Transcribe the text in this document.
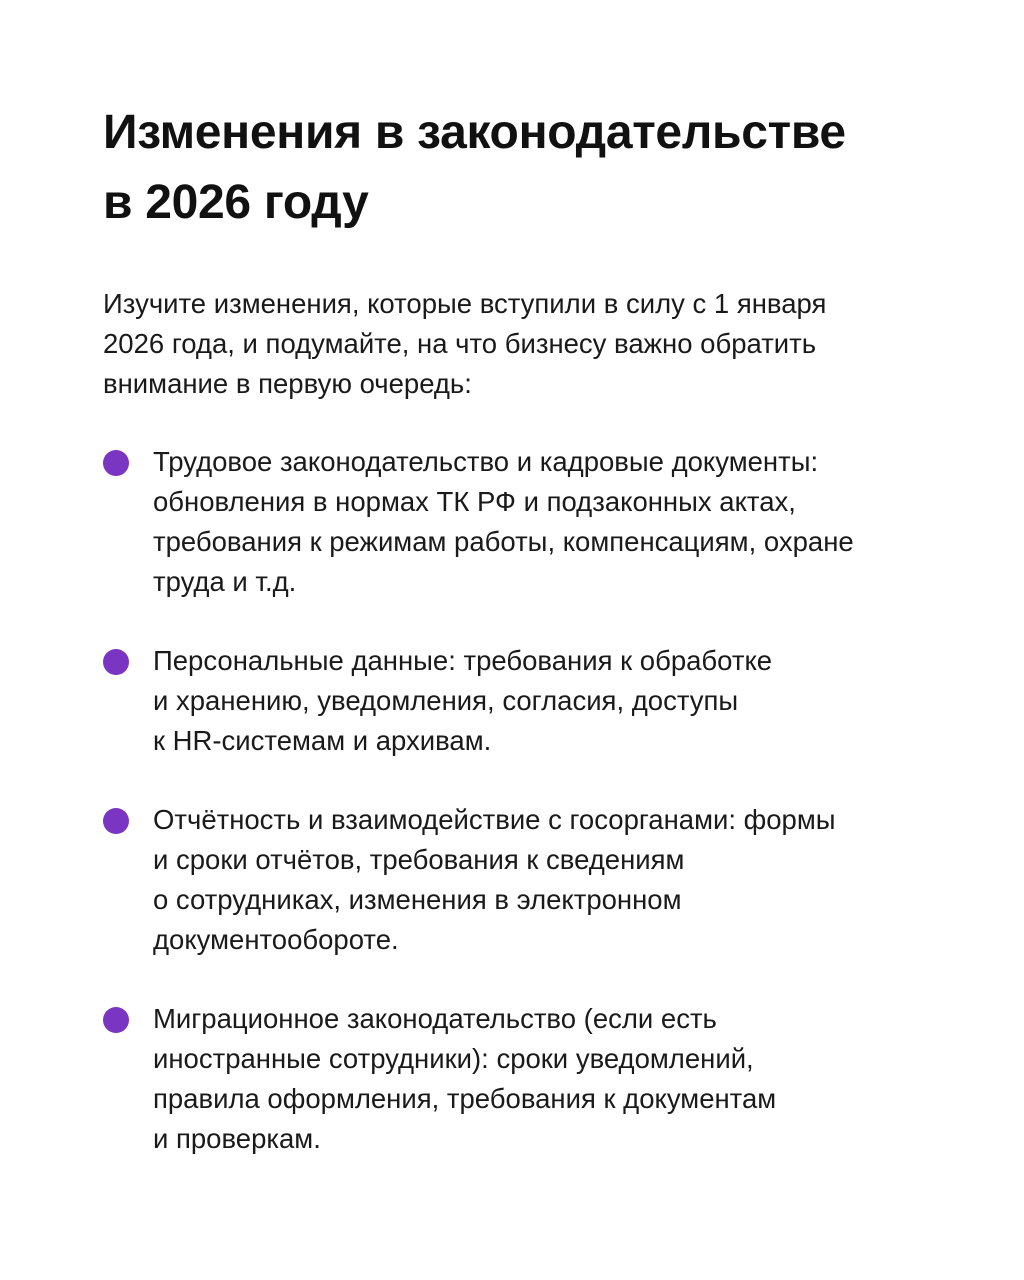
Изменения в законодательстве
в 2026 году

Изучите изменения, которые вступили в силу с 1 января
2026 года, и подумайте, на что бизнесу важно обратить
внимание в первую очередь:

Трудовое законодательство и кадровые документы:
обновления в нормах ТК РФ и подзаконных актах,
требования к режимам работы, компенсациям, охране
труда и т.д.
Персональные данные: требования к обработке
и хранению, уведомления, согласия, доступы
к HR-системам и архивам.
Отчётность и взаимодействие с госорганами: формы
и сроки отчётов, требования к сведениям
о сотрудниках, изменения в электронном
документообороте.
Миграционное законодательство (если есть
иностранные сотрудники): сроки уведомлений,
правила оформления, требования к документам
и проверкам.
